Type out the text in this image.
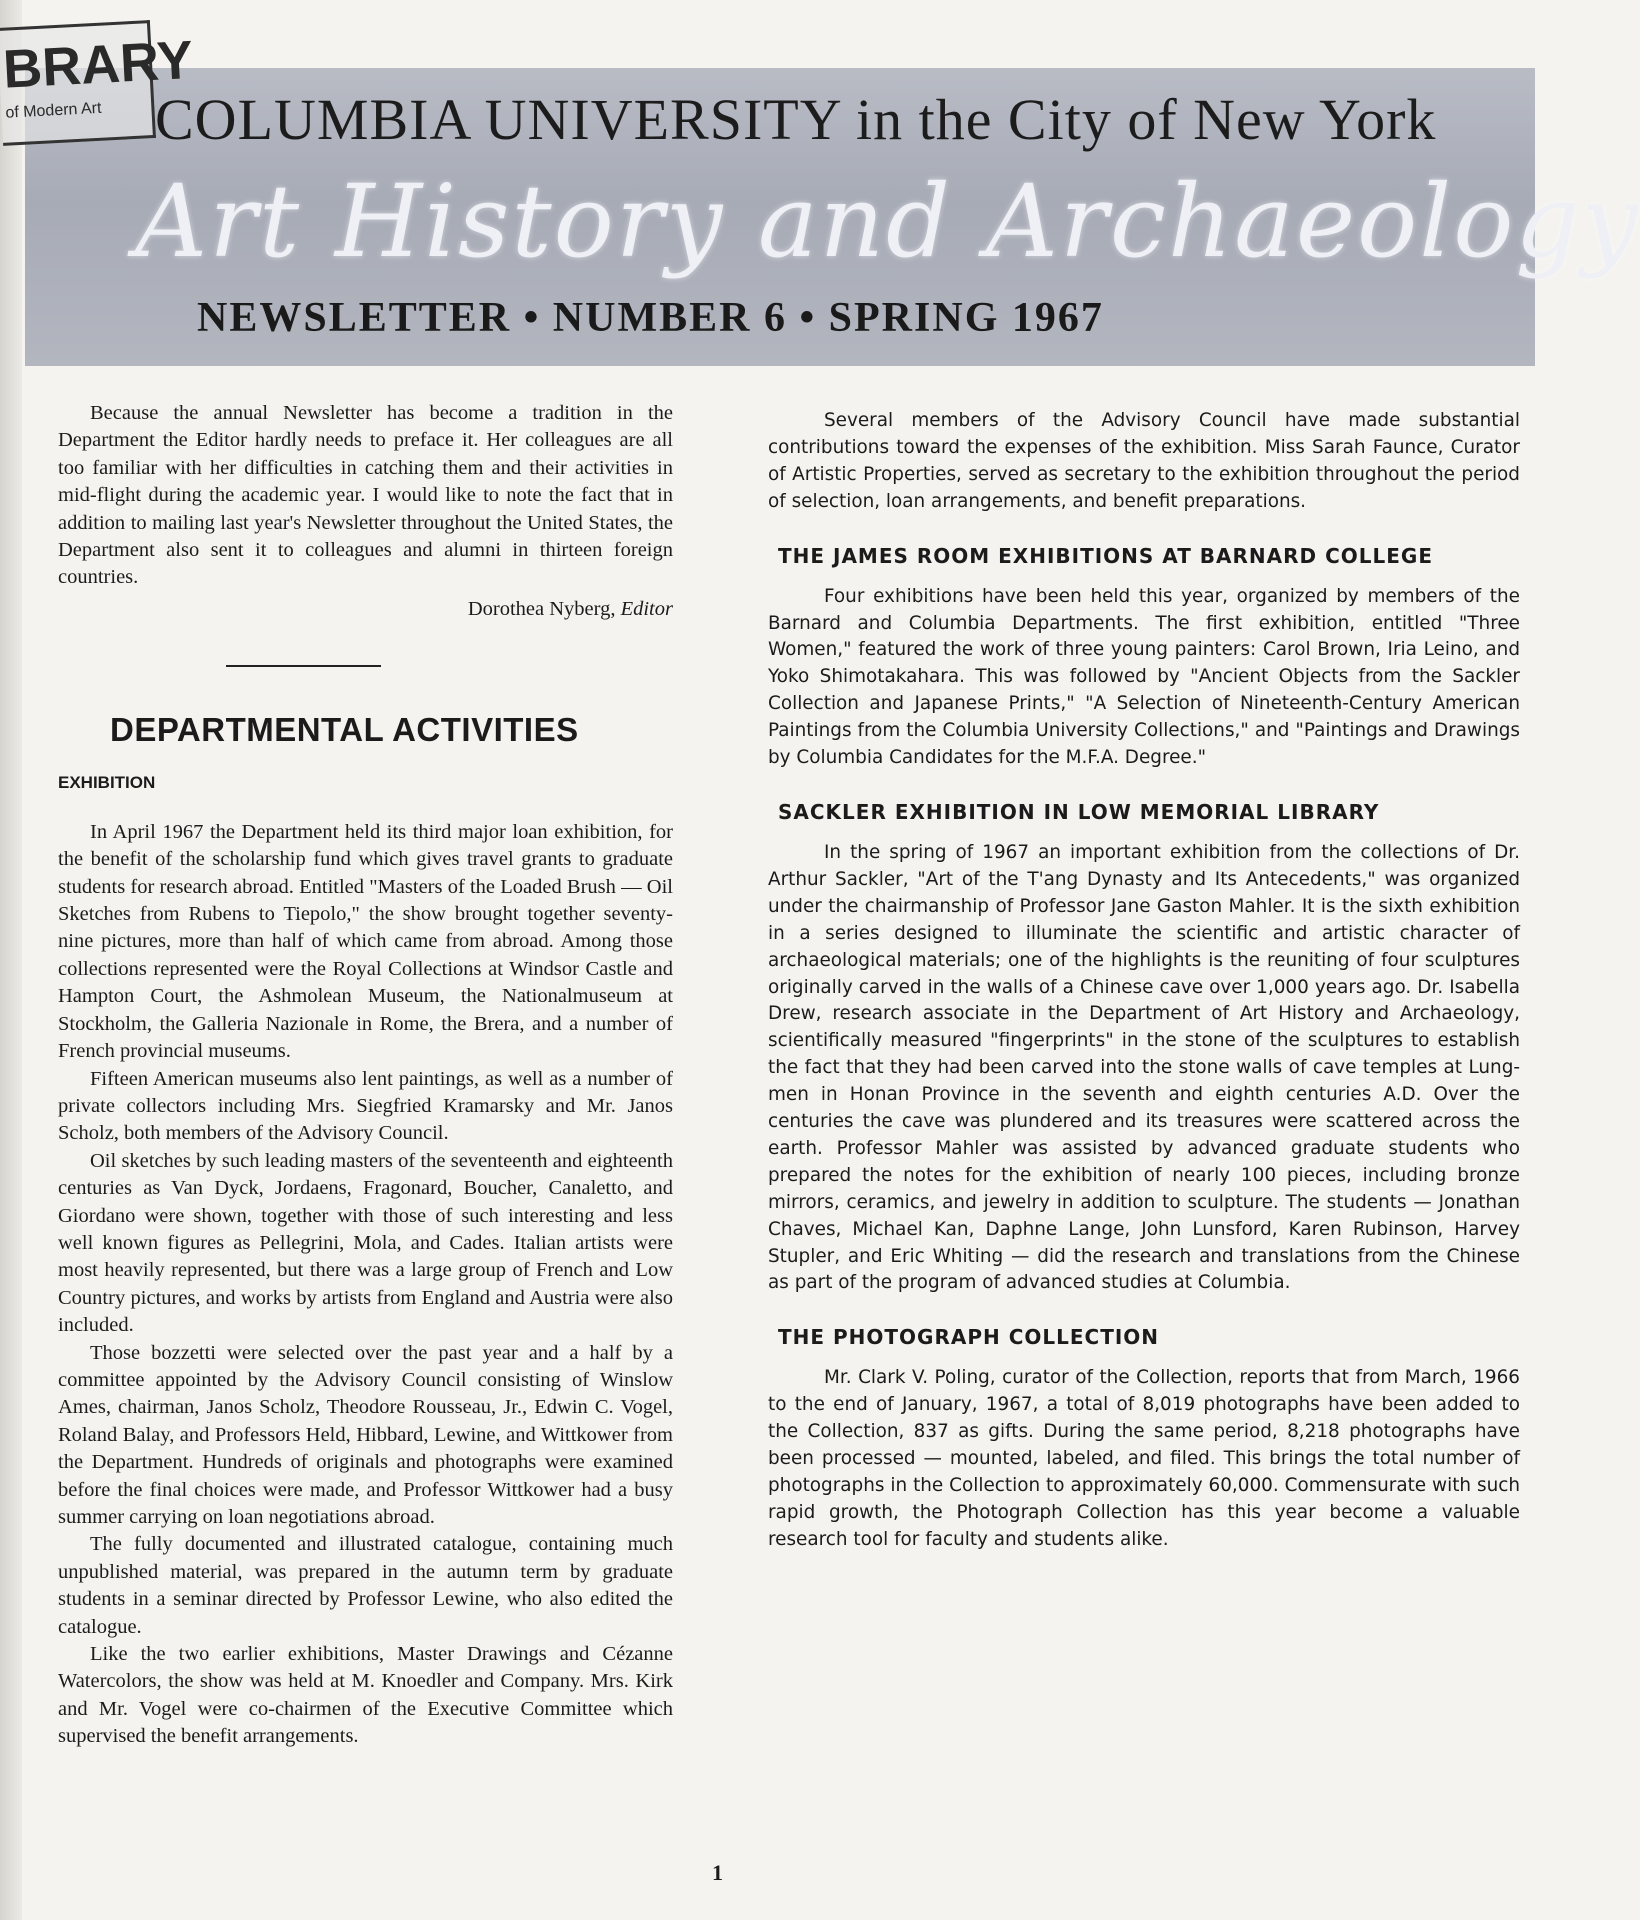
COLUMBIA UNIVERSITY in the City of New York
Art History and Archaeology
NEWSLETTER • NUMBER 6 • SPRING 1967
BRARY
of Modern Art

Because the annual Newsletter has become a tradition in the Department the Editor hardly needs to preface it. Her colleagues are all too familiar with her difficulties in catching them and their activities in mid-flight during the academic year. I would like to note the fact that in addition to mailing last year's Newsletter throughout the United States, the Department also sent it to colleagues and alumni in thirteen foreign countries.

Dorothea Nyberg, Editor
DEPARTMENTAL ACTIVITIES
EXHIBITION

In April 1967 the Department held its third major loan exhibition, for the benefit of the scholarship fund which gives travel grants to graduate students for research abroad. Entitled "Masters of the Loaded Brush — Oil Sketches from Rubens to Tiepolo," the show brought together seventy-nine pictures, more than half of which came from abroad. Among those collections represented were the Royal Collections at Windsor Castle and Hampton Court, the Ashmolean Museum, the Nationalmuseum at Stockholm, the Galleria Nazionale in Rome, the Brera, and a number of French provincial museums.

Fifteen American museums also lent paintings, as well as a number of private collectors including Mrs. Siegfried Kramarsky and Mr. Janos Scholz, both members of the Advisory Council.

Oil sketches by such leading masters of the seventeenth and eighteenth centuries as Van Dyck, Jordaens, Fragonard, Boucher, Canaletto, and Giordano were shown, together with those of such interesting and less well known figures as Pellegrini, Mola, and Cades. Italian artists were most heavily represented, but there was a large group of French and Low Country pictures, and works by artists from England and Austria were also included.

Those bozzetti were selected over the past year and a half by a committee appointed by the Advisory Council consisting of Winslow Ames, chairman, Janos Scholz, Theodore Rousseau, Jr., Edwin C. Vogel, Roland Balay, and Professors Held, Hibbard, Lewine, and Wittkower from the Department. Hundreds of originals and photographs were examined before the final choices were made, and Professor Wittkower had a busy summer carrying on loan negotiations abroad.

The fully documented and illustrated catalogue, containing much unpublished material, was prepared in the autumn term by graduate students in a seminar directed by Professor Lewine, who also edited the catalogue.

Like the two earlier exhibitions, Master Drawings and Cézanne Watercolors, the show was held at M. Knoedler and Company. Mrs. Kirk and Mr. Vogel were co-chairmen of the Executive Committee which supervised the benefit arrangements.

Several members of the Advisory Council have made substantial contributions toward the expenses of the exhibition. Miss Sarah Faunce, Curator of Artistic Properties, served as secretary to the exhibition throughout the period of selection, loan arrangements, and benefit preparations.

THE JAMES ROOM EXHIBITIONS AT BARNARD COLLEGE

Four exhibitions have been held this year, organized by members of the Barnard and Columbia Departments. The first exhibition, entitled "Three Women," featured the work of three young painters: Carol Brown, Iria Leino, and Yoko Shimotakahara. This was followed by "Ancient Objects from the Sackler Collection and Japanese Prints," "A Selection of Nineteenth-Century American Paintings from the Columbia University Collections," and "Paintings and Drawings by Columbia Candidates for the M.F.A. Degree."

SACKLER EXHIBITION IN LOW MEMORIAL LIBRARY

In the spring of 1967 an important exhibition from the collections of Dr. Arthur Sackler, "Art of the T'ang Dynasty and Its Antecedents," was organized under the chairmanship of Professor Jane Gaston Mahler. It is the sixth exhibition in a series designed to illuminate the scientific and artistic character of archaeological materials; one of the highlights is the reuniting of four sculptures originally carved in the walls of a Chinese cave over 1,000 years ago. Dr. Isabella Drew, research associate in the Department of Art History and Archaeology, scientifically measured "fingerprints" in the stone of the sculptures to establish the fact that they had been carved into the stone walls of cave temples at Lung-men in Honan Province in the seventh and eighth centuries A.D. Over the centuries the cave was plundered and its treasures were scattered across the earth. Professor Mahler was assisted by advanced graduate students who prepared the notes for the exhibition of nearly 100 pieces, including bronze mirrors, ceramics, and jewelry in addition to sculpture. The students — Jonathan Chaves, Michael Kan, Daphne Lange, John Lunsford, Karen Rubinson, Harvey Stupler, and Eric Whiting — did the research and translations from the Chinese as part of the program of advanced studies at Columbia.

THE PHOTOGRAPH COLLECTION

Mr. Clark V. Poling, curator of the Collection, reports that from March, 1966 to the end of January, 1967, a total of 8,019 photographs have been added to the Collection, 837 as gifts. During the same period, 8,218 photographs have been processed — mounted, labeled, and filed. This brings the total number of photographs in the Collection to approximately 60,000. Commensurate with such rapid growth, the Photograph Collection has this year become a valuable research tool for faculty and students alike.

1
